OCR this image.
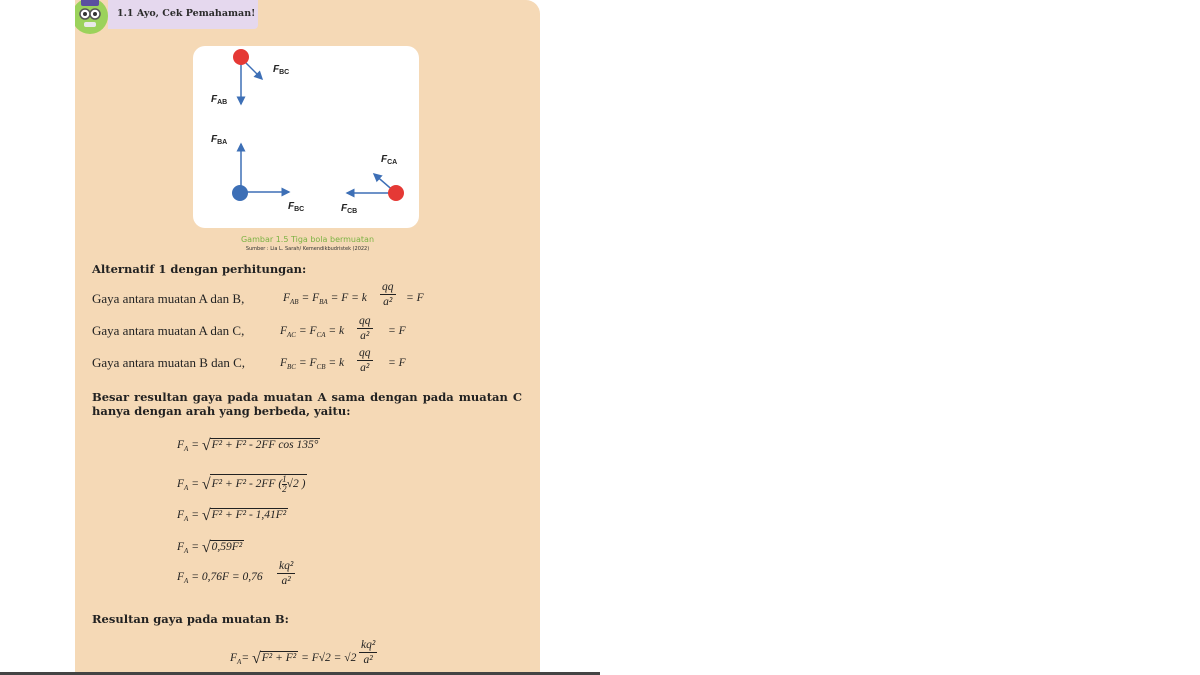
1.1 Ayo, Cek Pemahaman!
$F_{BC}$
$F_{AB}$
$F_{BA}$
$F_{CA}$
$F_{BC}$	$F_{CB}$
Gambar 1.5 Tiga bola bermuatan
Sumber : Lia L. Sarah/ Kemendikbudristek (2022)
Alternatif 1 dengan perhitungan:
Gaya antara muatan A dan B,	$F_{AB} = F_{BA} = F = k \frac{qq}{\text{a²}} = F$
Gaya antara muatan A dan C,	$F_{AC} = F_{CA} = k \frac{qq}{\text{a²}} = F$
Gaya antara muatan B dan C,	$F_{BC} = F_{CB} = k \frac{qq}{\text{a²}} = F$
Besar resultan gaya pada muatan A sama dengan pada muatan C hanya dengan arah yang berbeda, yaitu:
$F_A = √F^2 + F^2 - 2FF$ cos 135°
$F_A = √F^2 + F^2 - 2FF$ ( $\frac{1}{2} √2$ )
$F_A = √F^2 + F^2 - 1,41F^2$
$F_A = √0,59F^2$
$F_A = 0,76F = 0,76 \frac{\text{kq²}}{\text{a²}}$
Resultan gaya pada muatan B:
$F_A= √F^2 + F^2 = F√2 = √2 \frac{\text{kq²}}{\text{a²}}$
